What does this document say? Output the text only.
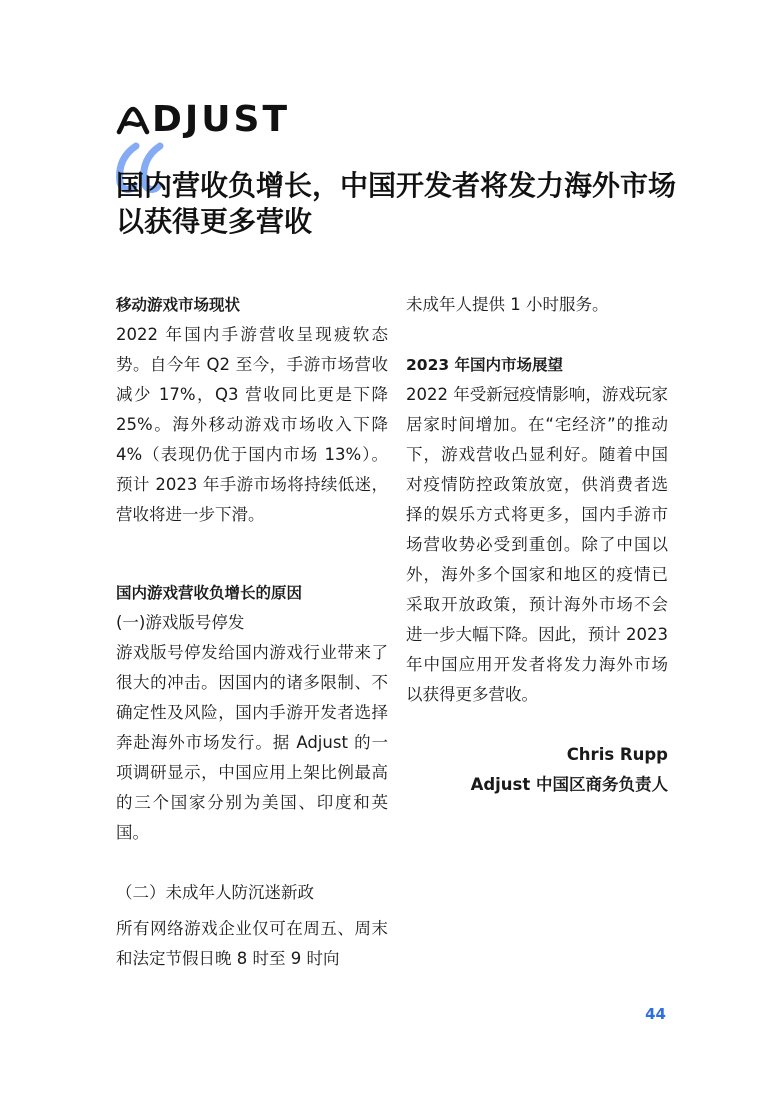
DJUST
国内营收负增长，中国开发者将发力海外市场以获得更多营收

移动游戏市场现状

2022 年国内手游营收呈现疲软态势。自今年 Q2 至今，手游市场营收减少 17%，Q3 营收同比更是下降 25%。海外移动游戏市场收入下降 4%（表现仍优于国内市场 13%）。预计 2023 年手游市场将持续低迷，营收将进一步下滑。

国内游戏营收负增长的原因

(一)游戏版号停发

游戏版号停发给国内游戏行业带来了很大的冲击。因国内的诸多限制、不确定性及风险，国内手游开发者选择奔赴海外市场发行。据 Adjust 的一项调研显示，中国应用上架比例最高的三个国家分别为美国、印度和英国。

（二）未成年人防沉迷新政

所有网络游戏企业仅可在周五、周末和法定节假日晚 8 时至 9 时向

未成年人提供 1 小时服务。

2023 年国内市场展望

2022 年受新冠疫情影响，游戏玩家居家时间增加。在“宅经济”的推动下，游戏营收凸显利好。随着中国对疫情防控政策放宽，供消费者选择的娱乐方式将更多，国内手游市场营收势必受到重创。除了中国以外，海外多个国家和地区的疫情已采取开放政策，预计海外市场不会进一步大幅下降。因此，预计 2023 年中国应用开发者将发力海外市场以获得更多营收。

Chris Rupp
Adjust 中国区商务负责人
44
